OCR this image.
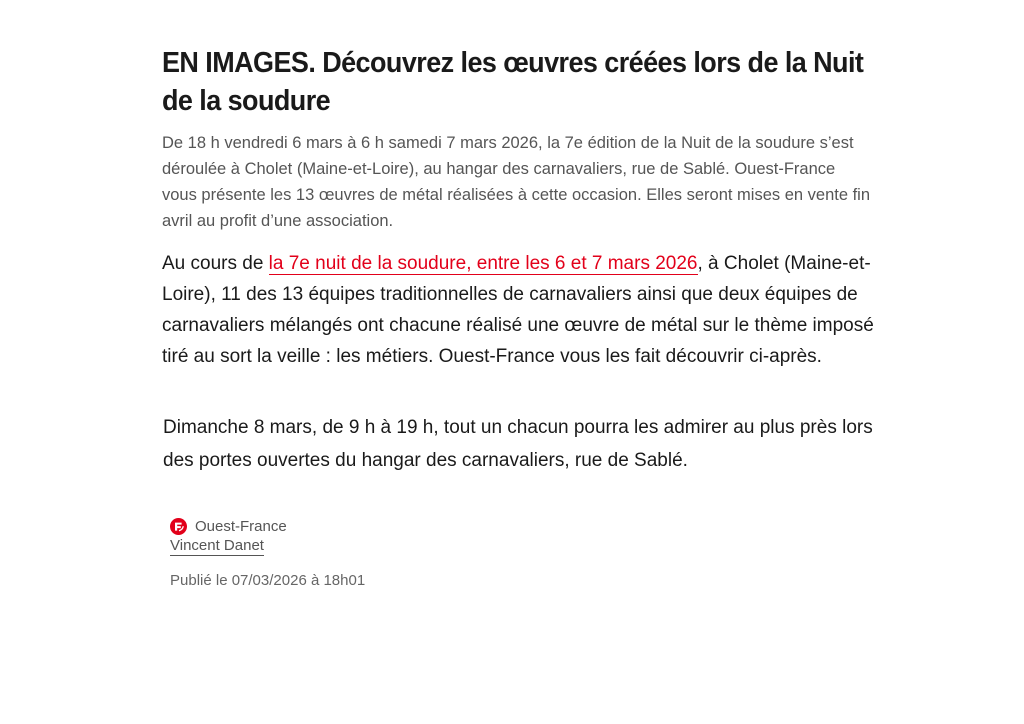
EN IMAGES. Découvrez les œuvres créées lors de la Nuit de la soudure

De 18 h vendredi 6 mars à 6 h samedi 7 mars 2026, la 7e édition de la Nuit de la soudure s’est déroulée à Cholet (Maine-et-Loire), au hangar des carnavaliers, rue de Sablé. Ouest-France vous présente les 13 œuvres de métal réalisées à cette occasion. Elles seront mises en vente fin avril au profit d’une association.

Au cours de la 7e nuit de la soudure, entre les 6 et 7 mars 2026, à Cholet (Maine-et-Loire), 11 des 13 équipes traditionnelles de carnavaliers ainsi que deux équipes de carnavaliers mélangés ont chacune réalisé une œuvre de métal sur le thème imposé tiré au sort la veille : les métiers. Ouest-France vous les fait découvrir ci-après.

Dimanche 8 mars, de 9 h à 19 h, tout un chacun pourra les admirer au plus près lors des portes ouvertes du hangar des carnavaliers, rue de Sablé.

Ouest-France
Vincent Danet
Publié le 07/03/2026 à 18h01
